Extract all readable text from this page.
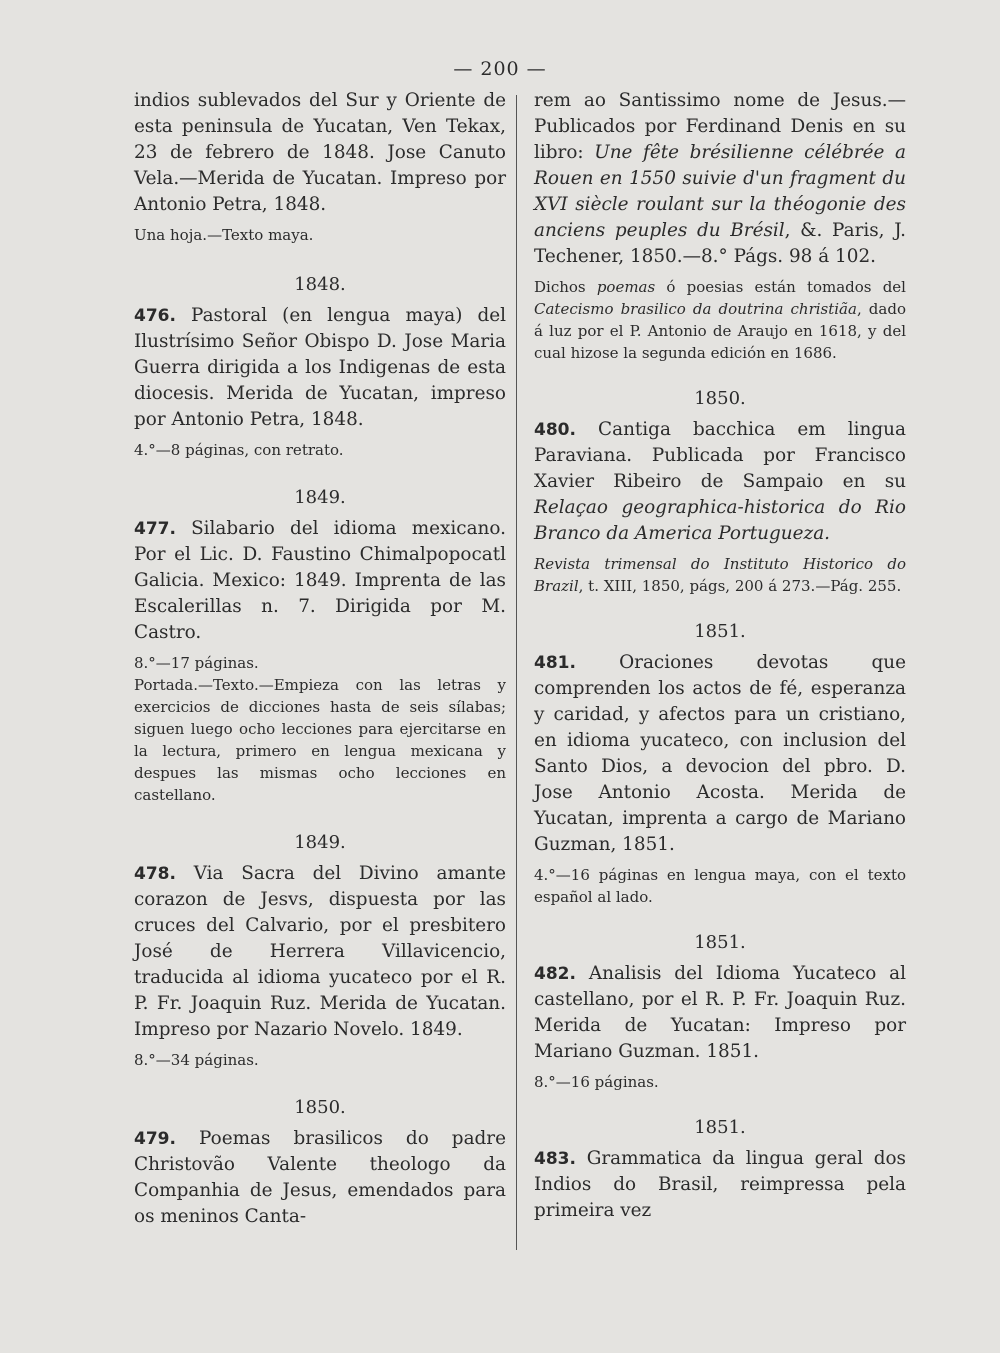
— 200 —

indios sublevados del Sur y Oriente de esta peninsula de Yucatan, Ven Tekax, 23 de febrero de 1848. Jose Canuto Vela.—Merida de Yucatan. Impreso por Antonio Petra, 1848.

Una hoja.—Texto maya.

1848.

476. Pastoral (en lengua maya) del Ilustrísimo Señor Obispo D. Jose Maria Guerra dirigida a los Indigenas de esta diocesis. Merida de Yucatan, impreso por Antonio Petra, 1848.

4.°—8 páginas, con retrato.

1849.

477. Silabario del idioma mexicano. Por el Lic. D. Faustino Chimalpopocatl Galicia. Mexico: 1849. Imprenta de las Escalerillas n. 7. Dirigida por M. Castro.

8.°—17 páginas.

Portada.—Texto.—Empieza con las letras y exercicios de dicciones hasta de seis sílabas; siguen luego ocho lecciones para ejercitarse en la lectura, primero en lengua mexicana y despues las mismas ocho lecciones en castellano.

1849.

478. Via Sacra del Divino amante corazon de Jesvs, dispuesta por las cruces del Calvario, por el presbitero José de Herrera Villavicencio, traducida al idioma yucateco por el R. P. Fr. Joaquin Ruz. Merida de Yucatan. Impreso por Nazario Novelo. 1849.

8.°—34 páginas.

1850.

479. Poemas brasilicos do padre Christovão Valente theologo da Companhia de Jesus, emendados para os meninos Canta-

rem ao Santissimo nome de Jesus.—Publicados por Ferdinand Denis en su libro: Une fête brésilienne célébrée a Rouen en 1550 suivie d'un fragment du XVI siècle roulant sur la théogonie des anciens peuples du Brésil, &. Paris, J. Techener, 1850.—8.° Págs. 98 á 102.

Dichos poemas ó poesias están tomados del Catecismo brasilico da doutrina christiãa, dado á luz por el P. Antonio de Araujo en 1618, y del cual hizose la segunda edición en 1686.

1850.

480. Cantiga bacchica em lingua Paraviana. Publicada por Francisco Xavier Ribeiro de Sampaio en su Relaçao geographica-historica do Rio Branco da America Portugueza.

Revista trimensal do Instituto Historico do Brazil, t. XIII, 1850, págs, 200 á 273.—Pág. 255.

1851.

481. Oraciones devotas que comprenden los actos de fé, esperanza y caridad, y afectos para un cristiano, en idioma yucateco, con inclusion del Santo Dios, a devocion del pbro. D. Jose Antonio Acosta. Merida de Yucatan, imprenta a cargo de Mariano Guzman, 1851.

4.°—16 páginas en lengua maya, con el texto español al lado.

1851.

482. Analisis del Idioma Yucateco al castellano, por el R. P. Fr. Joaquin Ruz. Merida de Yucatan: Impreso por Mariano Guzman. 1851.

8.°—16 páginas.

1851.

483. Grammatica da lingua geral dos Indios do Brasil, reimpressa pela primeira vez
